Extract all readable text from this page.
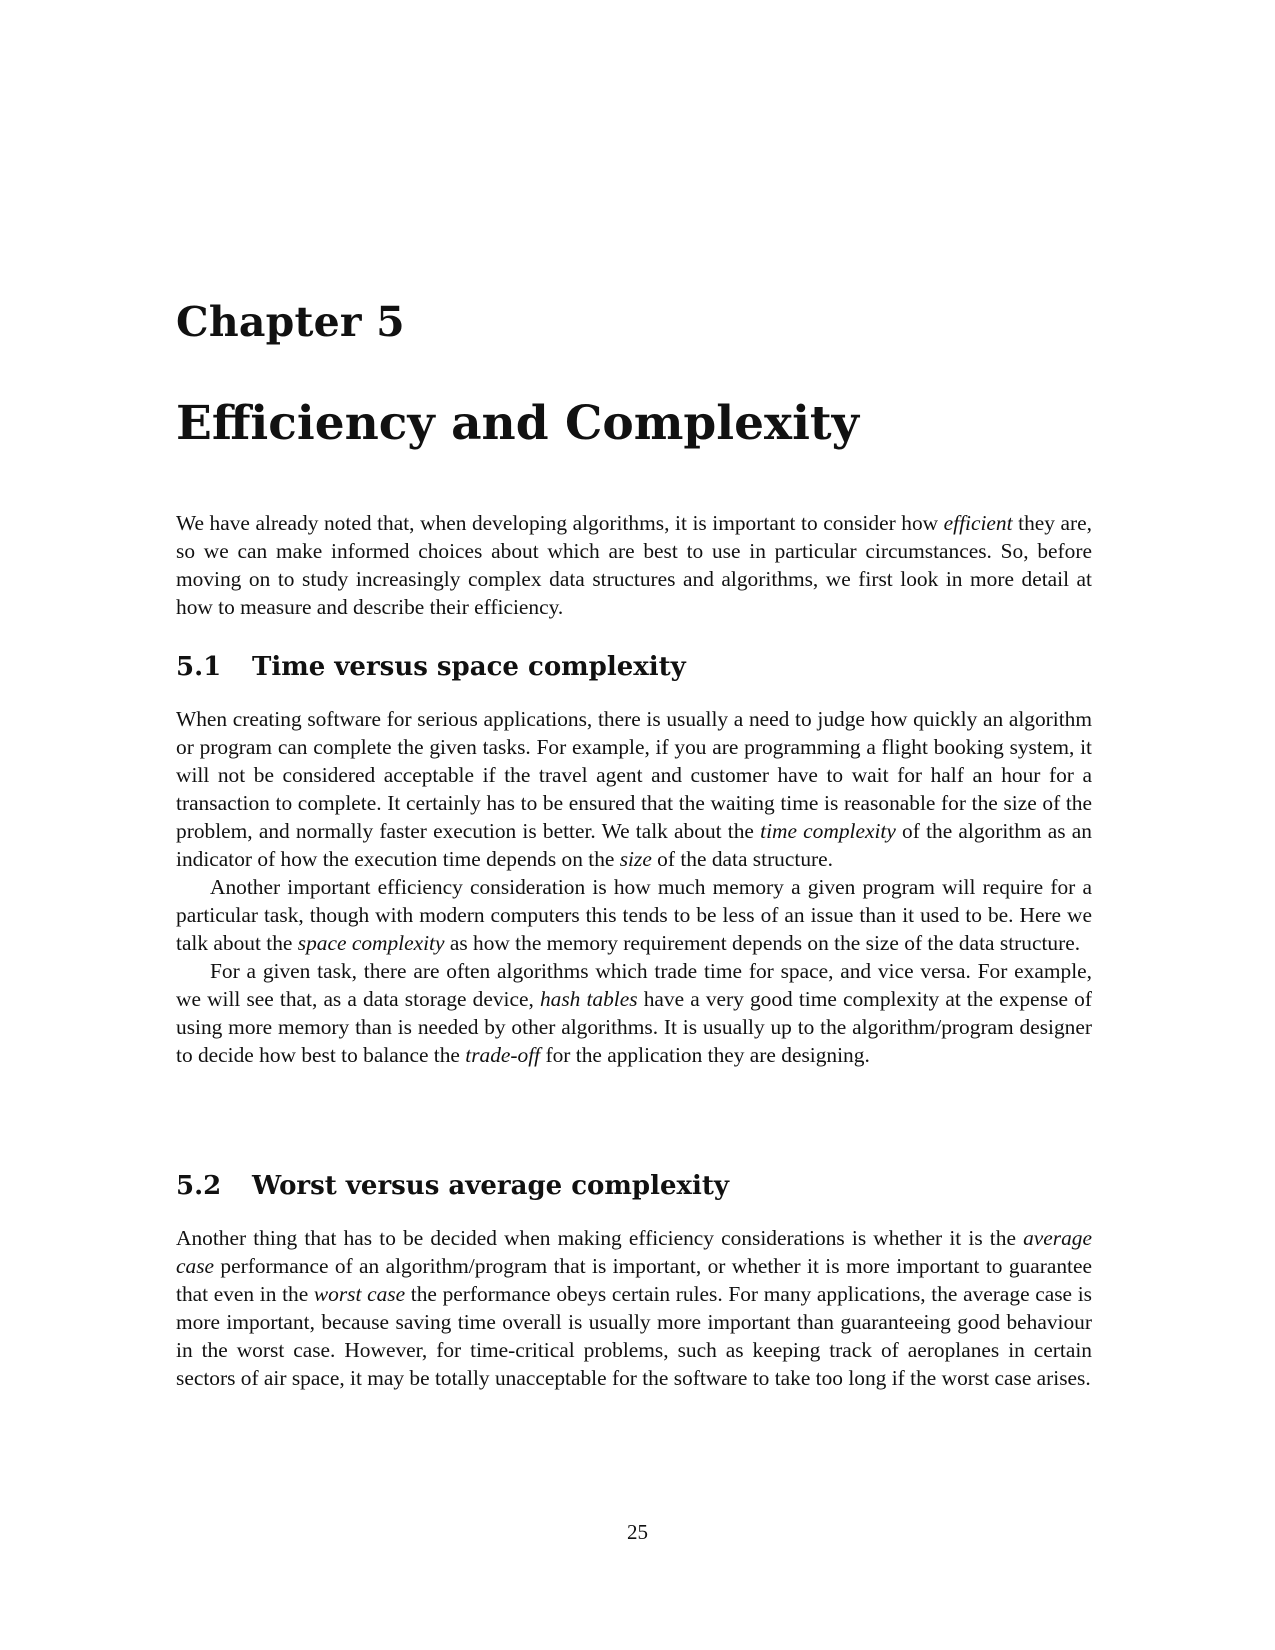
Chapter 5
Efficiency and Complexity

We have already noted that, when developing algorithms, it is important to consider how efficient they are, so we can make informed choices about which are best to use in particular circumstances. So, before moving on to study increasingly complex data structures and algorithms, we first look in more detail at how to measure and describe their efficiency.

5.1 Time versus space complexity

When creating software for serious applications, there is usually a need to judge how quickly an algorithm or program can complete the given tasks. For example, if you are programming a flight booking system, it will not be considered acceptable if the travel agent and customer have to wait for half an hour for a transaction to complete. It certainly has to be ensured that the waiting time is reasonable for the size of the problem, and normally faster execution is better. We talk about the time complexity of the algorithm as an indicator of how the execution time depends on the size of the data structure.

Another important efficiency consideration is how much memory a given program will require for a particular task, though with modern computers this tends to be less of an issue than it used to be. Here we talk about the space complexity as how the memory requirement depends on the size of the data structure.

For a given task, there are often algorithms which trade time for space, and vice versa. For example, we will see that, as a data storage device, hash tables have a very good time complexity at the expense of using more memory than is needed by other algorithms. It is usually up to the algorithm/program designer to decide how best to balance the trade-off for the application they are designing.

5.2 Worst versus average complexity

Another thing that has to be decided when making efficiency considerations is whether it is the average case performance of an algorithm/program that is important, or whether it is more important to guarantee that even in the worst case the performance obeys certain rules. For many applications, the average case is more important, because saving time overall is usually more important than guaranteeing good behaviour in the worst case. However, for time-critical problems, such as keeping track of aeroplanes in certain sectors of air space, it may be totally unacceptable for the software to take too long if the worst case arises.

25
